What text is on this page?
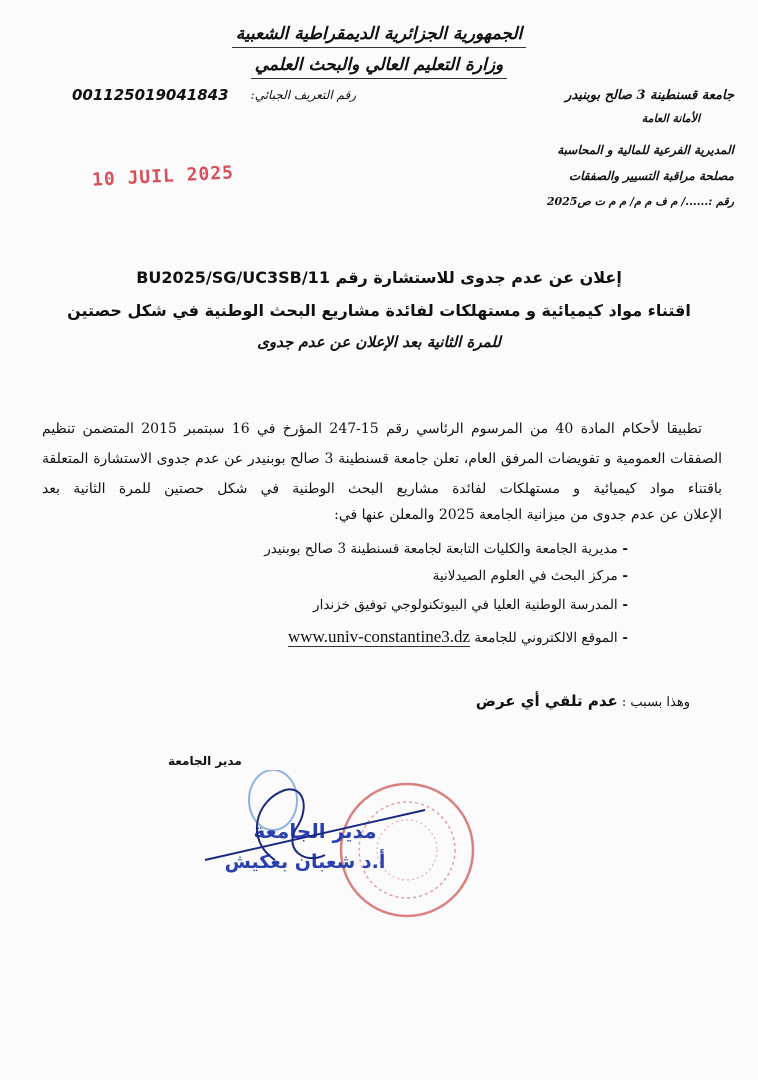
الجمهورية الجزائرية الديمقراطية الشعبية
وزارة التعليم العالي والبحث العلمي
جامعة قسنطينة 3 صالح بوبنيدر
الأمانة العامة
المديرية الفرعية للمالية و المحاسبة
مصلحة مراقبة التسيير والصفقات
رقم :....../ م ف م م/ م م ت ص2025
رقم التعريف الجبائي:
001125019041843
10 JUIL 2025
إعلان عن عدم جدوى للاستشارة رقم BU2025/SG/UC3SB/11
اقتناء مواد كيميائية و مستهلكات لفائدة مشاريع البحث الوطنية في شكل حصتين
للمرة الثانية بعد الإعلان عن عدم جدوى
تطبيقا لأحكام المادة 40 من المرسوم الرئاسي رقم 15-247 المؤرخ في 16 سبتمبر 2015 المتضمن تنظيم الصفقات العمومية و تفويضات المرفق العام، تعلن جامعة قسنطينة 3 صالح بوبنيدر عن عدم جدوى الاستشارة المتعلقة باقتناء مواد كيميائية و مستهلكات لفائدة مشاريع البحث الوطنية في شكل حصتين للمرة الثانية بعد
الإعلان عن عدم جدوى من ميزانية الجامعة 2025 والمعلن عنها في:
- مديرية الجامعة والكليات التابعة لجامعة قسنطينة 3 صالح بوبنيدر
- مركز البحث في العلوم الصيدلانية
- المدرسة الوطنية العليا في البيوتكنولوجي توفيق خزندار
- الموقع الالكتروني للجامعة www.univ-constantine3.dz
وهذا بسبب : عدم تلقي أي عرض
مدير الجامعة
مدير الجامعة
أ.د شعبان بعكيش
